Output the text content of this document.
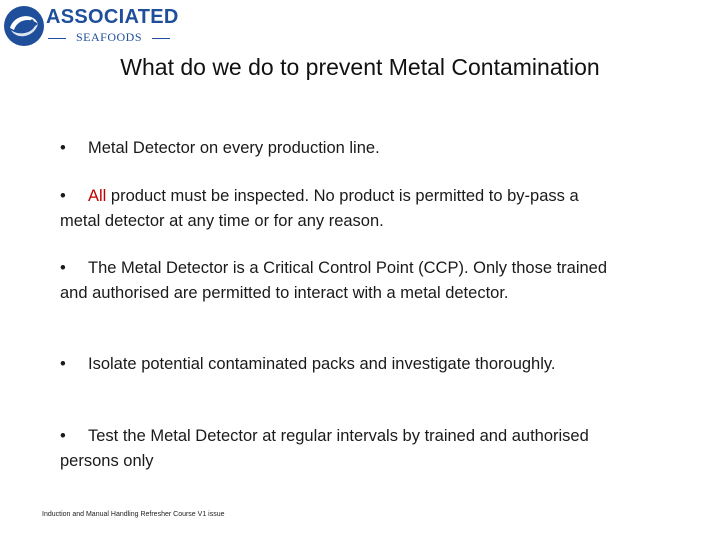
ASSOCIATED
SEAFOODS
What do we do to prevent Metal Contamination
• Metal Detector on every production line.
• All product must be inspected. No product is permitted to by-pass a metal detector at any time or for any reason.
• The Metal Detector is a Critical Control Point (CCP). Only those trained and authorised are permitted to interact with a metal detector.
• Isolate potential contaminated packs and investigate thoroughly.
• Test the Metal Detector at regular intervals by trained and authorised persons only
Induction and Manual Handling Refresher Course V1 issue
